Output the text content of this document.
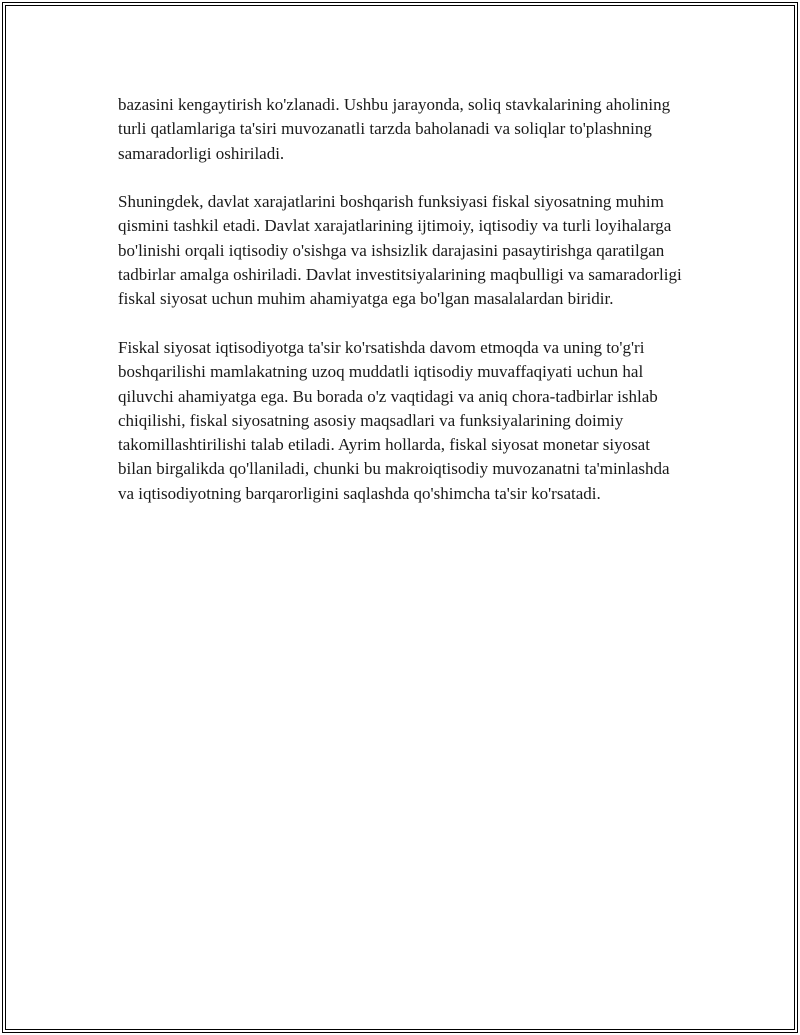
bazasini kengaytirish ko'zlanadi. Ushbu jarayonda, soliq stavkalarining aholining turli qatlamlariga ta'siri muvozanatli tarzda baholanadi va soliqlar to'plashning samaradorligi oshiriladi.

Shuningdek, davlat xarajatlarini boshqarish funksiyasi fiskal siyosatning muhim qismini tashkil etadi. Davlat xarajatlarining ijtimoiy, iqtisodiy va turli loyihalarga bo'linishi orqali iqtisodiy o'sishga va ishsizlik darajasini pasaytirishga qaratilgan tadbirlar amalga oshiriladi. Davlat investitsiyalarining maqbulligi va samaradorligi fiskal siyosat uchun muhim ahamiyatga ega bo'lgan masalalardan biridir.

Fiskal siyosat iqtisodiyotga ta'sir ko'rsatishda davom etmoqda va uning to'g'ri boshqarilishi mamlakatning uzoq muddatli iqtisodiy muvaffaqiyati uchun hal qiluvchi ahamiyatga ega. Bu borada o'z vaqtidagi va aniq chora-tadbirlar ishlab chiqilishi, fiskal siyosatning asosiy maqsadlari va funksiyalarining doimiy takomillashtirilishi talab etiladi. Ayrim hollarda, fiskal siyosat monetar siyosat bilan birgalikda qo'llaniladi, chunki bu makroiqtisodiy muvozanatni ta'minlashda va iqtisodiyotning barqarorligini saqlashda qo'shimcha ta'sir ko'rsatadi.
